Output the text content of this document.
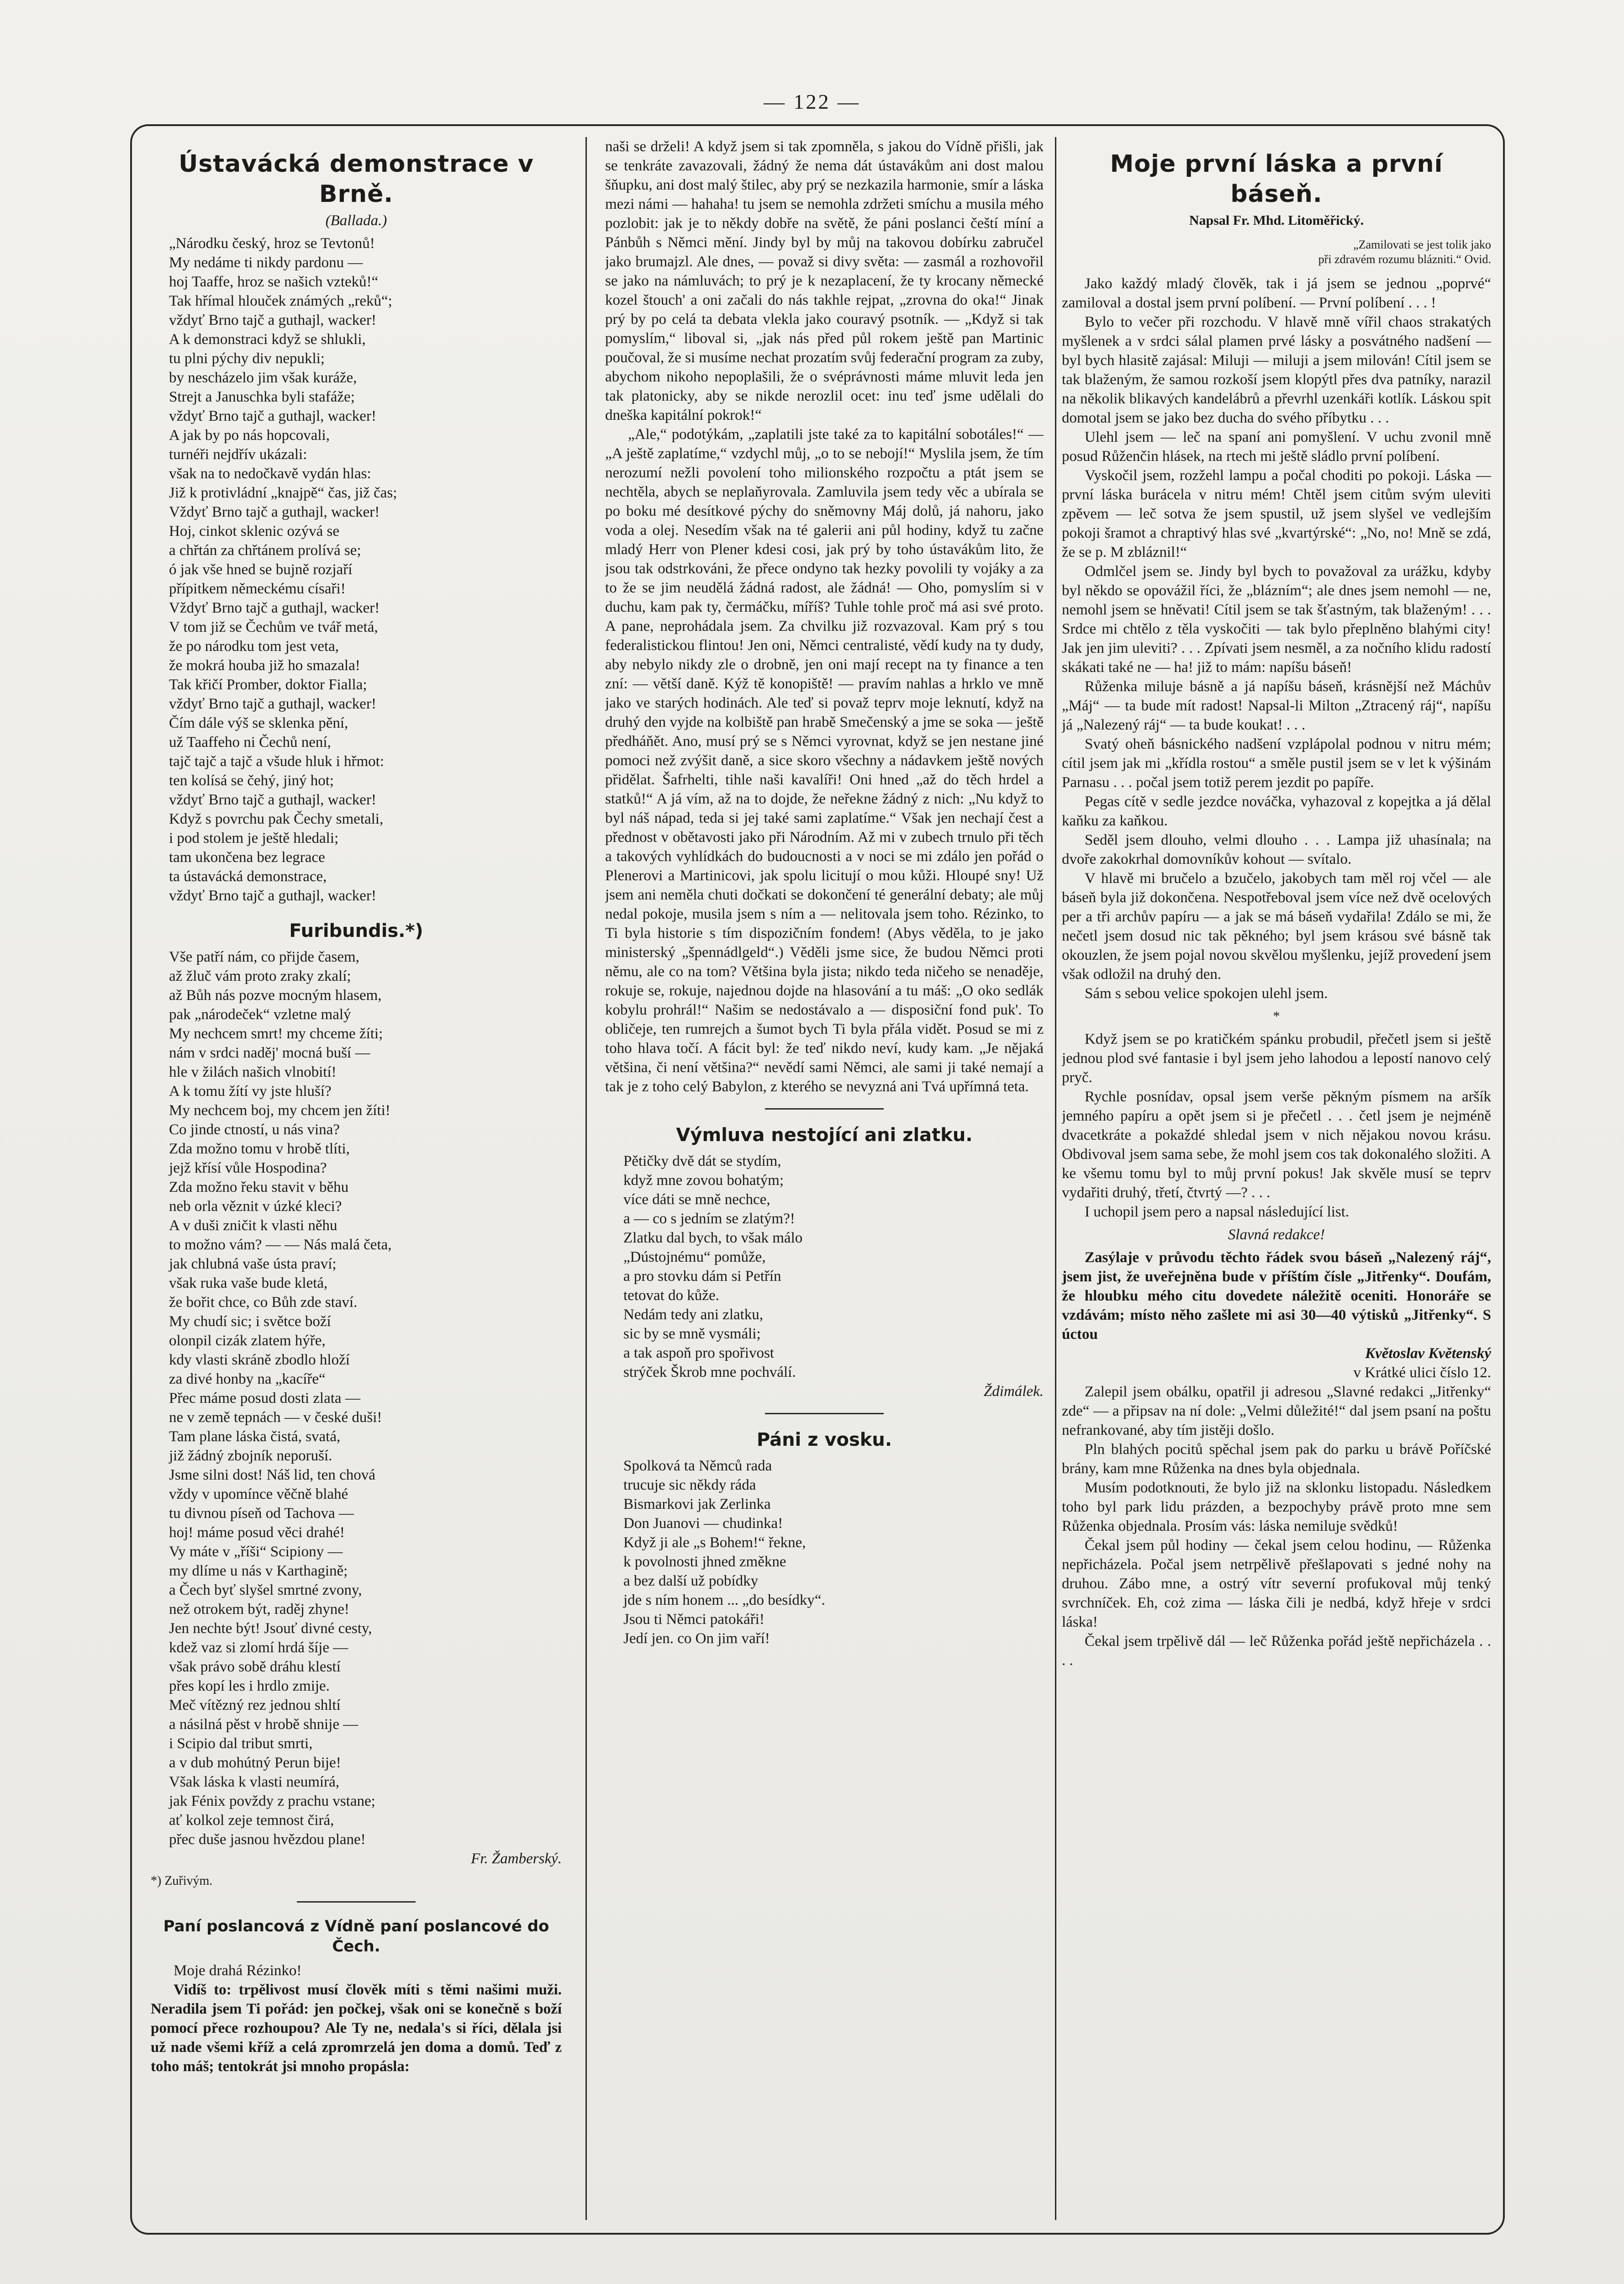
— 122 —
Ústavácká demonstrace v Brně.
(Ballada.)
„Národku český, hroz se Tevtonů!
My nedáme ti nikdy pardonu —
hoj Taaffe, hroz se našich vzteků!“
Tak hřímal hlouček známých „reků“;
vždyť Brno tajč a guthajl, wacker!
A k demonstraci když se shlukli,
tu plni pýchy div nepukli;
by nescházelo jim však kuráže,
Strejt a Januschka byli stafáže;
vždyť Brno tajč a guthajl, wacker!
A jak by po nás hopcovali,
turnéři nejdřív ukázali:
však na to nedočkavě vydán hlas:
Již k protivládní „knajpě“ čas, již čas;
Vždyť Brno tajč a guthajl, wacker!
Hoj, cinkot sklenic ozývá se
a chřtán za chřtánem prolívá se;
ó jak vše hned se bujně rozjaří
přípitkem německému císaři!
Vždyť Brno tajč a guthajl, wacker!
V tom již se Čechům ve tvář metá,
že po národku tom jest veta,
že mokrá houba již ho smazala!
Tak křičí Promber, doktor Fialla;
vždyť Brno tajč a guthajl, wacker!
Čím dále výš se sklenka pění,
už Taaffeho ni Čechů není,
tajč tajč a tajč a všude hluk i hřmot:
ten kolísá se čehý, jiný hot;
vždyť Brno tajč a guthajl, wacker!
Když s povrchu pak Čechy smetali,
i pod stolem je ještě hledali;
tam ukončena bez legrace
ta ústavácká demonstrace,
vždyť Brno tajč a guthajl, wacker!
Furibundis.*)
Vše patří nám, co přijde časem,
až žluč vám proto zraky zkalí;
až Bůh nás pozve mocným hlasem,
pak „národeček“ vzletne malý
My nechcem smrt! my chceme žíti;
nám v srdci naděj' mocná buší —
hle v žilách našich vlnobití!
A k tomu žítí vy jste hluší?
My nechcem boj, my chcem jen žíti!
Co jinde ctností, u nás vina?
Zda možno tomu v hrobě tlíti,
jejž křísí vůle Hospodina?
Zda možno řeku stavit v běhu
neb orla věznit v úzké kleci?
A v duši zničit k vlasti něhu
to možno vám? — — Nás malá četa,
jak chlubná vaše ústa praví;
však ruka vaše bude kletá,
že bořit chce, co Bůh zde staví.
My chudí sic; i světce boží
olonpil cizák zlatem hýře,
kdy vlasti skráně zbodlo hloží
za divé honby na „kacíře“
Přec máme posud dosti zlata —
ne v země tepnách — v české duši!
Tam plane láska čistá, svatá,
již žádný zbojník neporuší.
Jsme silni dost! Náš lid, ten chová
vždy v upomínce věčně blahé
tu divnou píseň od Tachova —
hoj! máme posud věci drahé!
Vy máte v „říši“ Scipiony —
my dlíme u nás v Karthagině;
a Čech byť slyšel smrtné zvony,
než otrokem být, raděj zhyne!
Jen nechte být! Jsouť divné cesty,
kdež vaz si zlomí hrdá šíje —
však právo sobě dráhu klestí
přes kopí les i hrdlo zmije.
Meč vítězný rez jednou shltí
a násilná pěst v hrobě shnije —
i Scipio dal tribut smrti,
a v dub mohútný Perun bije!
Však láska k vlasti neumírá,
jak Fénix povždy z prachu vstane;
ať kolkol zeje temnost čirá,
přec duše jasnou hvězdou plane!
Fr. Žamberský.
*) Zuřivým.
Paní poslancová z Vídně paní poslancové do Čech.

Moje drahá Rézinko!

Vidíš to: trpělivost musí člověk míti s těmi našimi muži. Neradila jsem Ti pořád: jen počkej, však oni se konečně s boží pomocí přece rozhoupou? Ale Ty ne, nedala's si říci, dělala jsi už nade všemi kříž a celá zpromrzelá jen doma a domů. Teď z toho máš; tentokrát jsi mnoho propásla:

naši se drželi! A když jsem si tak zpomněla, s jakou do Vídně přišli, jak se tenkráte zavazovali, žádný že nema dát ústavákům ani dost malou šňupku, ani dost malý štilec, aby prý se nezkazila harmonie, smír a láska mezi námi — hahaha! tu jsem se nemohla zdržeti smíchu a musila mého pozlobit: jak je to někdy dobře na světě, že páni poslanci čeští míní a Pánbůh s Němci mění. Jindy byl by můj na takovou dobírku zabručel jako brumajzl. Ale dnes, — považ si divy světa: — zasmál a rozhovořil se jako na námluvách; to prý je k nezaplacení, že ty krocany německé kozel štouch' a oni začali do nás takhle rejpat, „zrovna do oka!“ Jinak prý by po celá ta debata vlekla jako couravý psotník. — „Když si tak pomyslím,“ liboval si, „jak nás před půl rokem ještě pan Martinic poučoval, že si musíme nechat prozatím svůj federační program za zuby, abychom nikoho nepoplašili, že o svéprávnosti máme mluvit leda jen tak platonicky, aby se nikde nerozlil ocet: inu teď jsme udělali do dneška kapitální pokrok!“

„Ale,“ podotýkám, „zaplatili jste také za to kapitální sobotáles!“ — „A ještě zaplatíme,“ vzdychl můj, „o to se nebojí!“ Myslila jsem, že tím nerozumí nežli povolení toho milionského rozpočtu a ptát jsem se nechtěla, abych se neplaňyrovala. Zamluvila jsem tedy věc a ubírala se po boku mé desítkové pýchy do sněmovny Máj dolů, já nahoru, jako voda a olej. Nesedím však na té galerii ani půl hodiny, když tu začne mladý Herr von Plener kdesi cosi, jak prý by toho ústavákům lito, že jsou tak odstrkováni, že přece ondyno tak hezky povolili ty vojáky a za to že se jim neudělá žádná radost, ale žádná! — Oho, pomyslím si v duchu, kam pak ty, čermáčku, míříš? Tuhle tohle proč má asi své proto. A pane, neprohádala jsem. Za chvilku již rozvazoval. Kam prý s tou federalistickou flintou! Jen oni, Němci centralisté, vědí kudy na ty dudy, aby nebylo nikdy zle o drobně, jen oni mají recept na ty finance a ten zní: — větší daně. Kýž tě konopiště! — pravím nahlas a hrklo ve mně jako ve starých hodinách. Ale teď si považ teprv moje leknutí, když na druhý den vyjde na kolbiště pan hrabě Smečenský a jme se soka — ještě předháňět. Ano, musí prý se s Němci vyrovnat, když se jen nestane jiné pomoci než zvýšit daně, a sice skoro všechny a nádavkem ještě nových přidělat. Šafrhelti, tihle naši kavalíři! Oni hned „až do těch hrdel a statků!“ A já vím, až na to dojde, že neřekne žádný z nich: „Nu když to byl náš nápad, teda si jej také sami zaplatíme.“ Však jen nechají čest a přednost v obětavosti jako při Národním. Až mi v zubech trnulo při těch a takových vyhlídkách do budoucnosti a v noci se mi zdálo jen pořád o Plenerovi a Martinicovi, jak spolu licitují o mou kůži. Hloupé sny! Už jsem ani neměla chuti dočkati se dokončení té generální debaty; ale můj nedal pokoje, musila jsem s ním a — nelitovala jsem toho. Rézinko, to Ti byla historie s tím dispozičním fondem! (Abys věděla, to je jako ministerský „špennádlgeld“.) Věděli jsme sice, že budou Němci proti němu, ale co na tom? Většina byla jista; nikdo teda ničeho se nenaděje, rokuje se, rokuje, najednou dojde na hlasování a tu máš: „O oko sedlák kobylu prohrál!“ Našim se nedostávalo a — disposiční fond puk'. To obličeje, ten rumrejch a šumot bych Ti byla přála vidět. Posud se mi z toho hlava točí. A fácit byl: že teď nikdo neví, kudy kam. „Je nějaká většina, či není většina?“ nevědí sami Němci, ale sami ji také nemají a tak je z toho celý Babylon, z kterého se nevyzná ani Tvá upřímná teta.

Výmluva nestojící ani zlatku.
Pětičky dvě dát se stydím,
když mne zovou bohatým;
více dáti se mně nechce,
a — co s jedním se zlatým?!
Zlatku dal bych, to však málo
„Dústojnému“ pomůže,
a pro stovku dám si Petřín
tetovat do kůže.
Nedám tedy ani zlatku,
sic by se mně vysmáli;
a tak aspoň pro spořivost
strýček Škrob mne pochválí.
Ždimálek.
Páni z vosku.
Spolková ta Němců rada
trucuje sic někdy ráda
Bismarkovi jak Zerlinka
Don Juanovi — chudinka!
Když ji ale „s Bohem!“ řekne,
k povolnosti jhned změkne
a bez další už pobídky
jde s ním honem ... „do besídky“.
Jsou ti Němci patokáři!
Jedí jen. co On jim vaří!
Moje první láska a první báseň.
Napsal Fr. Mhd. Litoměřický.
„Zamilovati se jest tolik jako
při zdravém rozumu blázniti.“ Ovid.

Jako každý mladý člověk, tak i já jsem se jednou „poprvé“ zamiloval a dostal jsem první políbení. — První políbení . . . !

Bylo to večer při rozchodu. V hlavě mně vířil chaos strakatých myšlenek a v srdci sálal plamen prvé lásky a posvátného nadšení — byl bych hlasitě zajásal: Miluji — miluji a jsem milován! Cítil jsem se tak blaženým, že samou rozkoší jsem klopýtl přes dva patníky, narazil na několik blikavých kandelábrů a převrhl uzenkáři kotlík. Láskou spit domotal jsem se jako bez ducha do svého příbytku . . .

Ulehl jsem — leč na spaní ani pomyšlení. V uchu zvonil mně posud Růženčin hlásek, na rtech mi ještě sládlo první políbení.

Vyskočil jsem, rozžehl lampu a počal choditi po pokoji. Láska — první láska burácela v nitru mém! Chtěl jsem citům svým uleviti zpěvem — leč sotva že jsem spustil, už jsem slyšel ve vedlejším pokoji šramot a chraptivý hlas své „kvartýrské“: „No, no! Mně se zdá, že se p. M zbláznil!“

Odmlčel jsem se. Jindy byl bych to považoval za urážku, kdyby byl někdo se opovážil říci, že „blázním“; ale dnes jsem nemohl — ne, nemohl jsem se hněvati! Cítil jsem se tak šťastným, tak blaženým! . . . Srdce mi chtělo z těla vyskočiti — tak bylo přeplněno blahými city! Jak jen jim uleviti? . . . Zpívati jsem nesměl, a za nočního klidu radostí skákati také ne — ha! již to mám: napíšu báseň!

Růženka miluje básně a já napíšu báseň, krásnější než Máchův „Máj“ — ta bude mít radost! Napsal-li Milton „Ztracený ráj“, napíšu já „Nalezený ráj“ — ta bude koukat! . . .

Svatý oheň básnického nadšení vzplápolal podnou v nitru mém; cítil jsem jak mi „křídla rostou“ a směle pustil jsem se v let k výšinám Parnasu . . . počal jsem totiž perem jezdit po papíře.

Pegas cítě v sedle jezdce nováčka, vyhazoval z kopejtka a já dělal kaňku za kaňkou.

Seděl jsem dlouho, velmi dlouho . . . Lampa již uhasínala; na dvoře zakokrhal domovníkův kohout — svítalo.

V hlavě mi bručelo a bzučelo, jakobych tam měl roj včel — ale báseň byla již dokončena. Nespotřeboval jsem více než dvě ocelových per a tři archův papíru — a jak se má báseň vydařila! Zdálo se mi, že nečetl jsem dosud nic tak pěkného; byl jsem krásou své básně tak okouzlen, že jsem pojal novou skvělou myšlenku, jejíž provedení jsem však odložil na druhý den.

Sám s sebou velice spokojen ulehl jsem.

*

Když jsem se po kratičkém spánku probudil, přečetl jsem si ještě jednou plod své fantasie i byl jsem jeho lahodou a lepostí nanovo celý pryč.

Rychle posnídav, opsal jsem verše pěkným písmem na aršík jemného papíru a opět jsem si je přečetl . . . četl jsem je nejméně dvacetkráte a pokaždé shledal jsem v nich nějakou novou krásu. Obdivoval jsem sama sebe, že mohl jsem cos tak dokonalého složiti. A ke všemu tomu byl to můj první pokus! Jak skvěle musí se teprv vydařiti druhý, třetí, čtvrtý —? . . .

I uchopil jsem pero a napsal následující list.

Slavná redakce!

Zasýlaje v průvodu těchto řádek svou báseň „Nalezený ráj“, jsem jist, že uveřejněna bude v příštím čísle „Jitřenky“. Doufám, že hloubku mého citu dovedete náležitě oceniti. Honoráře se vzdávám; místo něho zašlete mi asi 30—40 výtisků „Jitřenky“. S úctou

Květoslav Květenský
v Krátké ulici číslo 12.

Zalepil jsem obálku, opatřil ji adresou „Slavné redakci „Jitřenky“ zde“ — a připsav na ní dole: „Velmi důležité!“ dal jsem psaní na poštu nefrankované, aby tím jistěji došlo.

Pln blahých pocitů spěchal jsem pak do parku u brávě Poříčské brány, kam mne Růženka na dnes byla objednala.

Musím podotknouti, že bylo již na sklonku listopadu. Následkem toho byl park lidu prázden, a bezpochyby právě proto mne sem Růženka objednala. Prosím vás: láska nemiluje svědků!

Čekal jsem půl hodiny — čekal jsem celou hodinu, — Růženka nepřicházela. Počal jsem netrpělivě přešlapovati s jedné nohy na druhou. Zábo mne, a ostrý vítr severní profukoval můj tenký svrchníček. Eh, coż zima — láska čili je nedbá, když hřeje v srdci láska!

Čekal jsem trpělivě dál — leč Růženka pořád ještě nepřicházela . . . .
